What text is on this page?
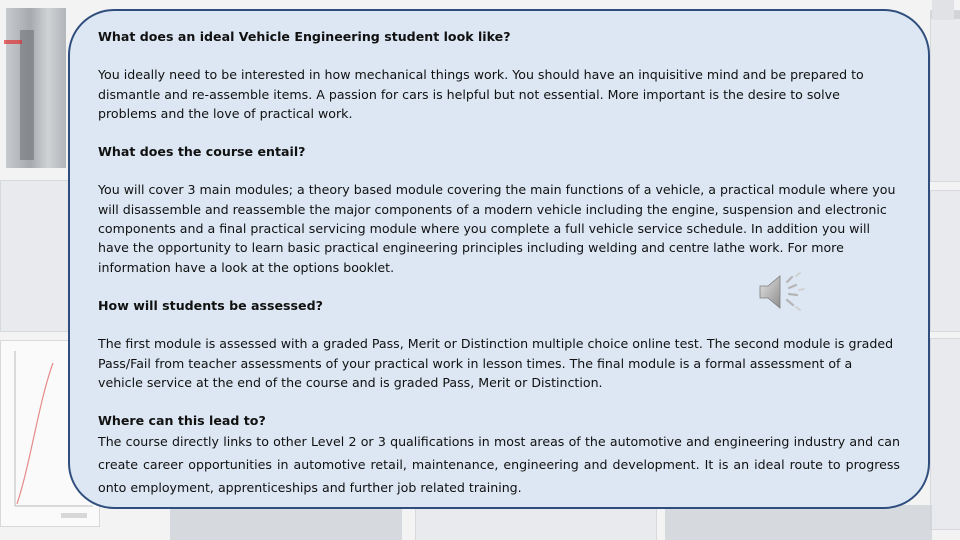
What does an ideal Vehicle Engineering student look like?

You ideally need to be interested in how mechanical things work. You should have an inquisitive mind and be prepared to dismantle and re-assemble items. A passion for cars is helpful but not essential. More important is the desire to solve problems and the love of practical work.

What does the course entail?

You will cover 3 main modules; a theory based module covering the main functions of a vehicle, a practical module where you will disassemble and reassemble the major components of a modern vehicle including the engine, suspension and electronic components and a final practical servicing module where you complete a full vehicle service schedule. In addition you will have the opportunity to learn basic practical engineering principles including welding and centre lathe work. For more information have a look at the options booklet.

How will students be assessed?

The first module is assessed with a graded Pass, Merit or Distinction multiple choice online test. The second module is graded Pass/Fail from teacher assessments of your practical work in lesson times. The final module is a formal assessment of a vehicle service at the end of the course and is graded Pass, Merit or Distinction.

Where can this lead to?

The course directly links to other Level 2 or 3 qualifications in most areas of the automotive and engineering industry and can create career opportunities in automotive retail, maintenance, engineering and development. It is an ideal route to progress onto employment, apprenticeships and further job related training.
